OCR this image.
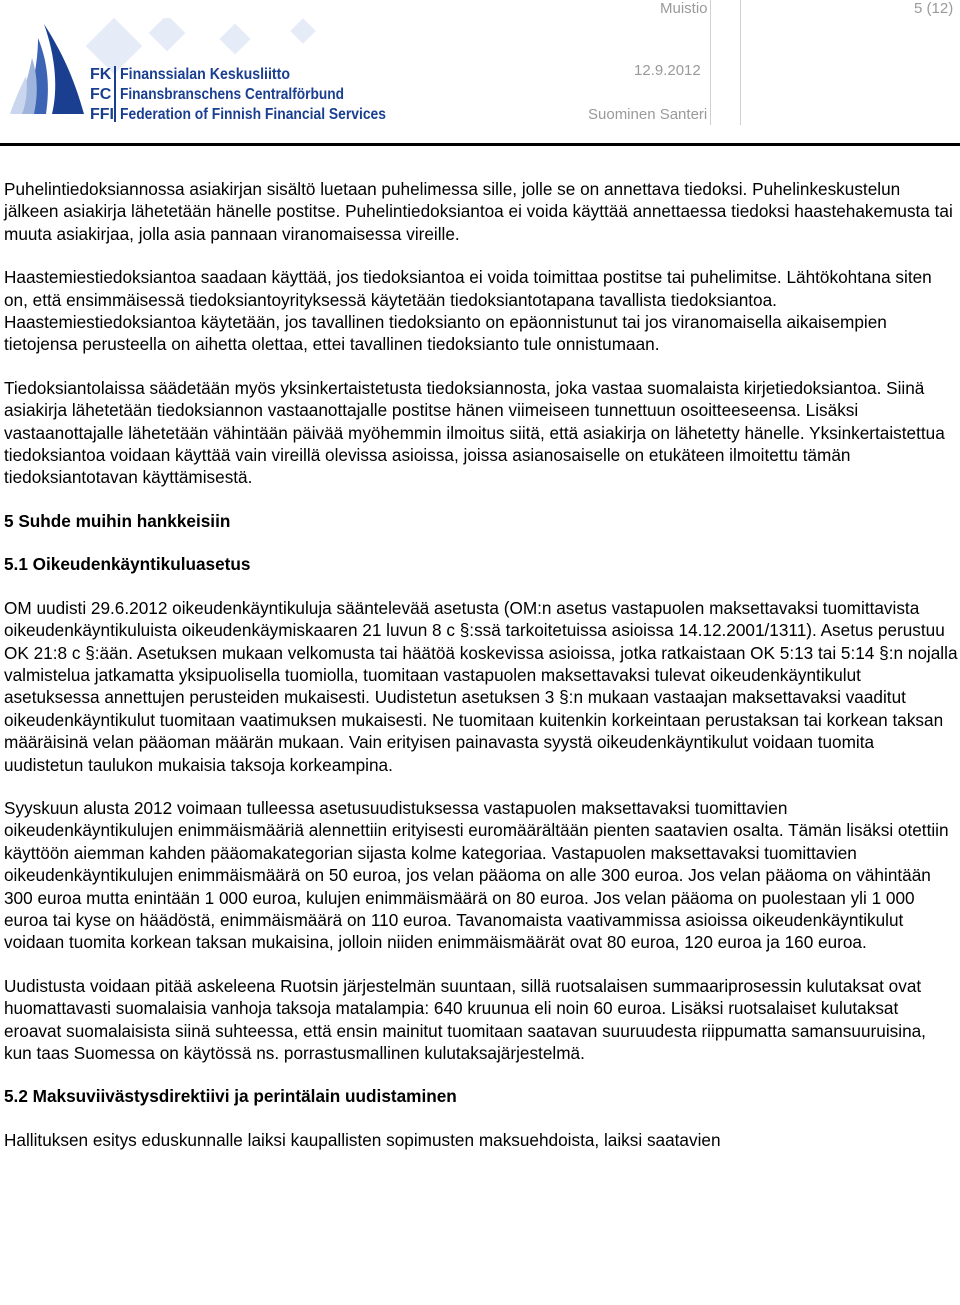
FK
FC
FFI
Finanssialan Keskusliitto
Finansbranschens Centralförbund
Federation of Finnish Financial Services
Muistio	5 (12)
12.9.2012
Suominen Santeri

Puhelintiedoksiannossa asiakirjan sisältö luetaan puhelimessa sille, jolle se on annettava tiedoksi. Puhelinkeskustelun jälkeen asiakirja lähetetään hänelle postitse. Puhelintiedoksiantoa ei voida käyttää annettaessa tiedoksi haastehakemusta tai muuta asiakirjaa, jolla asia pannaan viranomaisessa vireille.

Haastemiestiedoksiantoa saadaan käyttää, jos tiedoksiantoa ei voida toimittaa postitse tai puhelimitse. Lähtökohtana siten on, että ensimmäisessä tiedoksiantoyrityksessä käytetään tiedoksiantotapana tavallista tiedoksiantoa. Haastemiestiedoksiantoa käytetään, jos tavallinen tiedoksianto on epäonnistunut tai jos viranomaisella aikaisempien tietojensa perusteella on aihetta olettaa, ettei tavallinen tiedoksianto tule onnistumaan.

Tiedoksiantolaissa säädetään myös yksinkertaistetusta tiedoksiannosta, joka vastaa suomalaista kirjetiedoksiantoa. Siinä asiakirja lähetetään tiedoksiannon vastaanottajalle postitse hänen viimeiseen tunnettuun osoitteeseensa. Lisäksi vastaanottajalle lähetetään vähintään päivää myöhemmin ilmoitus siitä, että asiakirja on lähetetty hänelle. Yksinkertaistettua tiedoksiantoa voidaan käyttää vain vireillä olevissa asioissa, joissa asianosaiselle on etukäteen ilmoitettu tämän tiedoksiantotavan käyttämisestä.

5 Suhde muihin hankkeisiin
5.1 Oikeudenkäyntikuluasetus

OM uudisti 29.6.2012 oikeudenkäyntikuluja sääntelevää asetusta (OM:n asetus vastapuolen maksettavaksi tuomittavista oikeudenkäyntikuluista oikeudenkäymiskaaren 21 luvun 8 c §:ssä tarkoitetuissa asioissa 14.12.2001/1311). Asetus perustuu OK 21:8 c §:ään. Asetuksen mukaan velkomusta tai häätöä koskevissa asioissa, jotka ratkaistaan OK 5:13 tai 5:14 §:n nojalla valmistelua jatkamatta yksipuolisella tuomiolla, tuomitaan vastapuolen maksettavaksi tulevat oikeudenkäyntikulut asetuksessa annettujen perusteiden mukaisesti. Uudistetun asetuksen 3 §:n mukaan vastaajan maksettavaksi vaaditut oikeudenkäyntikulut tuomitaan vaatimuksen mukaisesti. Ne tuomitaan kuitenkin korkeintaan perustaksan tai korkean taksan määräisinä velan pääoman määrän mukaan. Vain erityisen painavasta syystä oikeudenkäyntikulut voidaan tuomita uudistetun taulukon mukaisia taksoja korkeampina.

Syyskuun alusta 2012 voimaan tulleessa asetusuudistuksessa vastapuolen maksettavaksi tuomittavien oikeudenkäyntikulujen enimmäismääriä alennettiin erityisesti euromäärältään pienten saatavien osalta. Tämän lisäksi otettiin käyttöön aiemman kahden pääomakategorian sijasta kolme kategoriaa. Vastapuolen maksettavaksi tuomittavien oikeudenkäyntikulujen enimmäismäärä on 50 euroa, jos velan pääoma on alle 300 euroa. Jos velan pääoma on vähintään 300 euroa mutta enintään 1 000 euroa, kulujen enimmäismäärä on 80 euroa. Jos velan pääoma on puolestaan yli 1 000 euroa tai kyse on häädöstä, enimmäismäärä on 110 euroa. Tavanomaista vaativammissa asioissa oikeudenkäyntikulut voidaan tuomita korkean taksan mukaisina, jolloin niiden enimmäismäärät ovat 80 euroa, 120 euroa ja 160 euroa.

Uudistusta voidaan pitää askeleena Ruotsin järjestelmän suuntaan, sillä ruotsalaisen summaariprosessin kulutaksat ovat huomattavasti suomalaisia vanhoja taksoja matalampia: 640 kruunua eli noin 60 euroa. Lisäksi ruotsalaiset kulutaksat eroavat suomalaisista siinä suhteessa, että ensin mainitut tuomitaan saatavan suuruudesta riippumatta samansuuruisina, kun taas Suomessa on käytössä ns. porrastusmallinen kulutaksajärjestelmä.

5.2 Maksuviivästysdirektiivi ja perintälain uudistaminen

Hallituksen esitys eduskunnalle laiksi kaupallisten sopimusten maksuehdoista, laiksi saatavien
